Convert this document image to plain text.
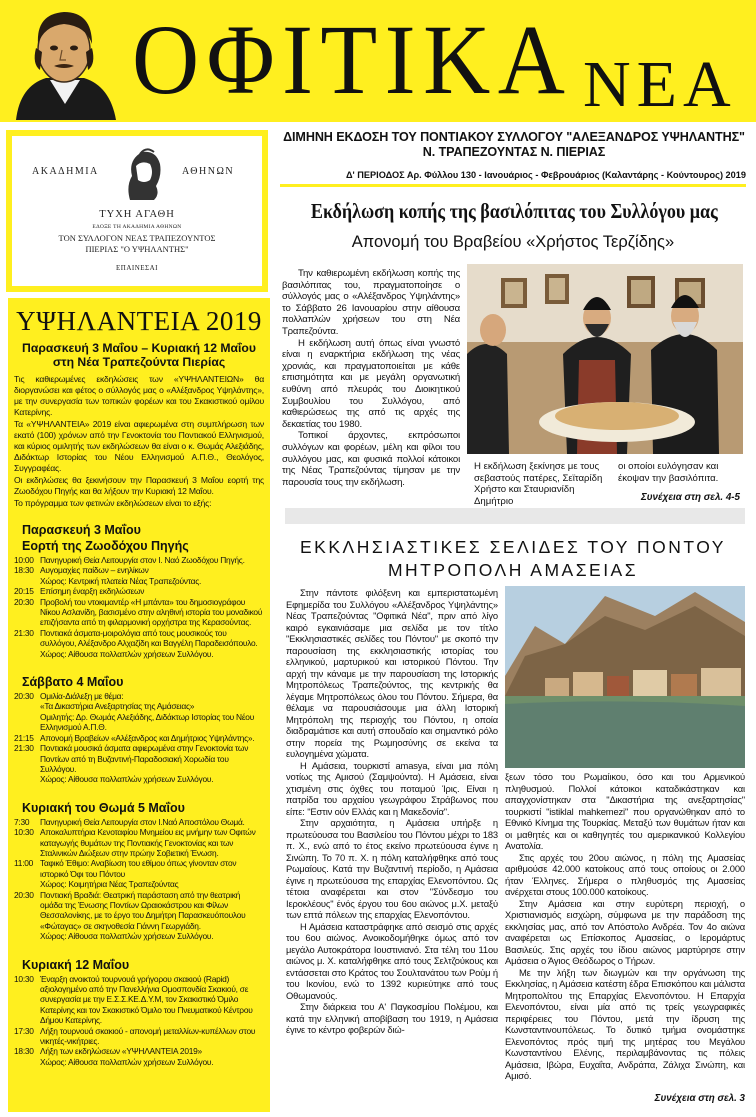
ΟΦΙΤΙΚΑ ΝΕΑ
ΑΚΑΔΗΜΙΑ	ΑΘΗΝΩΝ
ΤΥΧΗ ΑΓΑΘΗ
ΕΔΟΞΕ ΤΗ ΑΚΑΔΗΜΙΑ ΑΘΗΝΩΝ
ΤΟΝ ΣΥΛΛΟΓΟΝ ΝΕΑΣ ΤΡΑΠΕΖΟΥΝΤΟΣ
ΠΙΕΡΙΑΣ "Ο ΥΨΗΛΑΝΤΗΣ"
ΕΠΑΙΝΕΣΑΙ
ΥΨΗΛΑΝΤΕΙΑ 2019
Παρασκευή 3 Μαΐου – Κυριακή 12 Μαΐου
στη Νέα Τραπεζούντα Πιερίας
Τις καθιερωμένες εκδηλώσεις των «ΥΨΗΛΑΝΤΕΙΩΝ» θα διοργανώσει και φέτος ο σύλλογός μας ο «Αλέξανδρος Υψηλάντης», με την συνεργασία των τοπικών φορέων και του Σκακιστικού ομίλου Κατερίνης.
Τα «ΥΨΗΛΑΝΤΕΙΑ» 2019 είναι αφιερωμένα στη συμπλήρωση των εκατό (100) χρόνων από την Γενοκτονία του Ποντιακού Ελληνισμού, και κύριος ομιλητής των εκδηλώσεων θα είναι ο κ. Θωμάς Αλεξιάδης, Διδάκτωρ Ιστορίας του Νέου Ελληνισμού Α.Π.Θ., Θεολόγος, Συγγραφέας.
Οι εκδηλώσεις θα ξεκινήσουν την Παρασκευή 3 Μαΐου εορτή της Ζωοδόχου Πηγής και θα λήξουν την Κυριακή 12 Μαΐου.
Το πρόγραμμα των φετινών εκδηλώσεων είναι το εξής:
Παρασκευή 3 Μαΐου
Εορτή της Ζωοδόχου Πηγής
10:00 Πανηγυρική Θεία Λειτουργία στον Ι. Ναό Ζωοδόχου Πηγής.
18:30 Αυγομαχίες παίδων – ενηλίκων
Χώρος: Κεντρική πλατεία Νέας Τραπεζούντας.
20:15 Επίσημη έναρξη εκδηλώσεων
20:30 Προβολή του ντοκιμαντέρ «Η μπάντα» του δημοσιογράφου Νίκου Ασλανίδη, βασισμένο στην αληθινή ιστορία του μοναδικού επιζήσαντα από τη φιλαρμονική ορχήστρα της Κερασούντας.
21:30 Ποντιακά άσματα-μοιρολόγια από τους μουσικούς του συλλόγου, Αλέξανδρο Αλχαζίδη και Βαγγέλη Παραδεισόπουλο.
Χώρος: Αίθουσα πολλαπλών χρήσεων Συλλόγου.
Σάββατο 4 Μαΐου
20:30 Ομιλία-Διάλεξη με θέμα:
«Τα Δικαστήρια Ανεξαρτησίας της Αμάσειας»
Ομιλητής: Δρ. Θωμάς Αλεξιάδης, Διδάκτωρ Ιστορίας του Νέου Ελληνισμού Α.Π.Θ.
21:15 Απονομή Βραβείων «Αλέξανδρος και Δημήτριος Υψηλάντης».
21:30 Ποντιακά μουσικά άσματα αφιερωμένα στην Γενοκτονία των Ποντίων από τη Βυζαντινή-Παραδοσιακή Χορωδία του Συλλόγου.
Χώρος: Αίθουσα πολλαπλών χρήσεων Συλλόγου.
Κυριακή του Θωμά 5 Μαΐου
7:30	Πανηγυρική Θεία Λειτουργία στον Ι.Ναό Αποστόλου Θωμά.
10:30 Αποκαλυπτήρια Κενοταφίου Μνημείου εις μνήμην των Οφιτών καταγωγής θυμάτων της Ποντιακής Γενοκτονίας και των Σταλινικών Διώξεων στην πρώην Σοβιετική Ένωση.
11:00 Ταφικό Έθιμο: Αναβίωση του εθίμου όπως γίνονταν στον ιστορικό Όφι του Πόντου
Χώρος: Κοιμητήρια Νέας Τραπεζούντας
20:30 Ποντιακή Βραδιά: Θεατρική παράσταση από την θεατρική ομάδα της Ένωσης Ποντίων Ωραιοκάστρου και Φίλων Θεσσαλονίκης, με το έργο του Δημήτρη Παρασκευόπουλου «Φώταγας» σε σκηνοθεσία Γιάννη Γεωργιάδη.
Χώρος: Αίθουσα πολλαπλών χρήσεων Συλλόγου.
Κυριακή 12 Μαΐου
10:30 Έναρξη ανοικτού τουρνουά γρήγορου σκακιού (Rapid) αξιολογημένο από την Πανελλήνια Ομοσπονδία Σκακιού, σε συνεργασία με την Ε.Σ.Σ.ΚΕ.Δ.Υ.Μ, τον Σκακιστικό Όμιλο Κατερίνης και τον Σκακιστικό Όμιλο του Πνευματικού Κέντρου Δήμου Κατερίνης.
17:30 Λήξη τουρνουά σκακιού - απονομή μεταλλίων-κυπέλλων στου νικητές-νικήτριες.
18:30 Λήξη των εκδηλώσεων «ΥΨΗΛΑΝΤΕΙΑ 2019»
Χώρος: Αίθουσα πολλαπλών χρήσεων Συλλόγου.
ΔΙΜΗΝΗ ΕΚΔΟΣΗ ΤΟΥ ΠΟΝΤΙΑΚΟΥ ΣΥΛΛΟΓΟΥ "ΑΛΕΞΑΝΔΡΟΣ ΥΨΗΛΑΝΤΗΣ"
Ν. ΤΡΑΠΕΖΟΥΝΤΑΣ Ν. ΠΙΕΡΙΑΣ
Δ' ΠΕΡΙΟΔΟΣ Αρ. Φύλλου 130 - Ιανουάριος - Φεβρουάριος (Καλαντάρης - Κούντουρος) 2019
Εκδήλωση κοπής της βασιλόπιτας του Συλλόγου μας
Απονομή του Βραβείου «Χρήστος Τερζίδης»

Την καθιερωμένη εκδήλωση κοπής της βασιλόπιτας του, πραγματοποίησε ο σύλλογός μας ο «Αλέξανδρος Υψηλάντης» το Σάββατο 26 Ιανουαρίου στην αίθουσα πολλαπλών χρήσεων του στη Νέα Τραπεζούντα.

Η εκδήλωση αυτή όπως είναι γνωστό είναι η εναρκτήρια εκδήλωση της νέας χρονιάς, και πραγματοποιείται με κάθε επισημότητα και με μεγάλη οργανωτική ευθύνη από πλευράς του Διοικητικού Συμβουλίου του Συλλόγου, από καθιερώσεως της από τις αρχές της δεκαετίας του 1980.

Τοπικοί άρχοντες, εκπρόσωποι συλλόγων και φορέων, μέλη και φίλοι του συλλόγου μας, και φυσικά πολλοί κάτοικοι της Νέας Τραπεζούντας τίμησαν με την παρουσία τους την εκδήλωση.

Η εκδήλωση ξεκίνησε με τους σεβαστούς πατέρες, Σεϊταρίδη Χρήστο και Σταυριανίδη Δημήτριο
οι οποίοι ευλόγησαν και έκοψαν την βασιλόπιτα.
Συνέχεια στη σελ. 4-5
ΕΚΚΛΗΣΙΑΣΤΙΚΕΣ ΣΕΛΙΔΕΣ ΤΟΥ ΠΟΝΤΟΥ
ΜΗΤΡΟΠΟΛΗ ΑΜΑΣΕΙΑΣ

Στην πάντοτε φιλόξενη και εμπεριστατωμένη Εφημερίδα του Συλλόγου «Αλέξανδρος Υψηλάντης» Νέας Τραπεζούντας "Οφιτικά Νέα", πριν από λίγο καιρό εγκαινιάσαμε μια σελίδα με τον τίτλο "Εκκλησιαστικές σελίδες του Πόντου" με σκοπό την παρουσίαση της εκκλησιαστικής ιστορίας του ελληνικού, μαρτυρικού και ιστορικού Πόντου. Την αρχή την κάναμε με την παρουσίαση της Ιστορικής Μητροπόλεως Τραπεζούντος, της κεντρικής θα λέγαμε Μητροπόλεως όλου του Πόντου. Σήμερα, θα θέλαμε να παρουσιάσουμε μια άλλη Ιστορική Μητρόπολη της περιοχής του Πόντου, η οποία διαδραμάτισε και αυτή σπουδαίο και σημαντικό ρόλο στην πορεία της Ρωμηοσύνης σε εκείνα τα ευλογημένα χώματα.

Η Αμάσεια, τουρκιστί amasya, είναι μια πόλη νοτίως της Αμισού (Σαμψούντα). Η Αμάσεια, είναι χτισμένη στις όχθες του ποταμού Ίρις. Είναι η πατρίδα του αρχαίου γεωγράφου Στράβωνος που είπε: "Εστιν ούν Ελλάς και η Μακεδονία".

Στην αρχαιότητα, η Αμάσεια υπήρξε η πρωτεύουσα του Βασιλείου του Πόντου μέχρι το 183 π. Χ., ενώ από το έτος εκείνο πρωτεύουσα έγινε η Σινώπη. Το 70 π. Χ. η πόλη καταλήφθηκε από τους Ρωμαίους. Κατά την Βυζαντινή περίοδο, η Αμάσεια έγινε η πρωτεύουσα της επαρχίας Ελενοπόντου. Ως τέτοια αναφέρεται και στον "Σύνδεσμο του Ιεροκλέους" ένός έργου του 6ου αιώνος μ.Χ. μεταξύ των επτά πόλεων της επαρχίας Ελενοπόντου.

Η Αμάσεια καταστράφηκε από σεισμό στις αρχές του 6ου αιώνος. Ανοικοδομήθηκε όμως από τον μεγάλο Αυτοκράτορα Ιουστινιανό. Στα τέλη του 11ου αιώνος μ. Χ. καταλήφθηκε από τους Σελτζούκους και εντάσσεται στο Κράτος του Σουλτανάτου των Ρούμ ή του Ικονίου, ενώ το 1392 κυριεύτηκε από τους Οθωμανούς.

Στην διάρκεια του Α' Παγκοσμίου Πολέμου, και κατά την ελληνική αποβίβαση του 1919, η Αμάσεια έγινε το κέντρο φοβερών διώ-

ξεων τόσο του Ρωμαίικου, όσο και του Αρμενικού πληθυσμού. Πολλοί κάτοικοι καταδικάστηκαν και απαγχονίστηκαν στα "Δικαστήρια της ανεξαρτησίας" τουρκιστί "istiklal mahkemezi" που οργανώθηκαν από το Εθνικό Κίνημα της Τουρκίας. Μεταξύ των θυμάτων ήταν και οι μαθητές και οι καθηγητές του αμερικανικού Κολλεγίου Ανατολία.

Στις αρχές του 20ου αιώνος, η πόλη της Αμασείας αριθμούσε 42.000 κατοίκους από τους οποίους οι 2.000 ήταν Έλληνες. Σήμερα ο πληθυσμός της Αμασείας ανέρχεται στους 100.000 κατοίκους.

Στην Αμάσεια και στην ευρύτερη περιοχή, ο Χριστιανισμός εισχώρη, σύμφωνα με την παράδοση της εκκλησίας μας, από τον Απόστολο Ανδρέα. Τον 4ο αιώνα αναφέρεται ως Επίσκοπος Αμασείας, ο Ιερομάρτυς Βασιλεύς. Στις αρχές του ίδιου αιώνος μαρτύρησε στην Αμάσεια ο Άγιος Θεόδωρος ο Τήρων.

Με την λήξη των διωγμών και την οργάνωση της Εκκλησίας, η Αμάσεια κατέστη έδρα Επισκόπου και μάλιστα Μητροπολίτου της Επαρχίας Ελενοπόντου. Η Επαρχία Ελενοπόντου, είναι μία από τις τρείς γεωγραφικές περιφέρειες του Πόντου, μετά την ίδρυση της Κωνσταντινουπόλεως. Το δυτικό τμήμα ονομάστηκε Ελενοπόντος πρός τιμή της μητέρας του Μεγάλου Κωνσταντίνου Ελένης, περιλαμβάνοντας τις πόλεις Αμάσεια, Ιβώρα, Ευχαΐτα, Ανδράπα, Ζάλιχα Σινώπη, και Αμισό.

Συνέχεια στη σελ. 3
